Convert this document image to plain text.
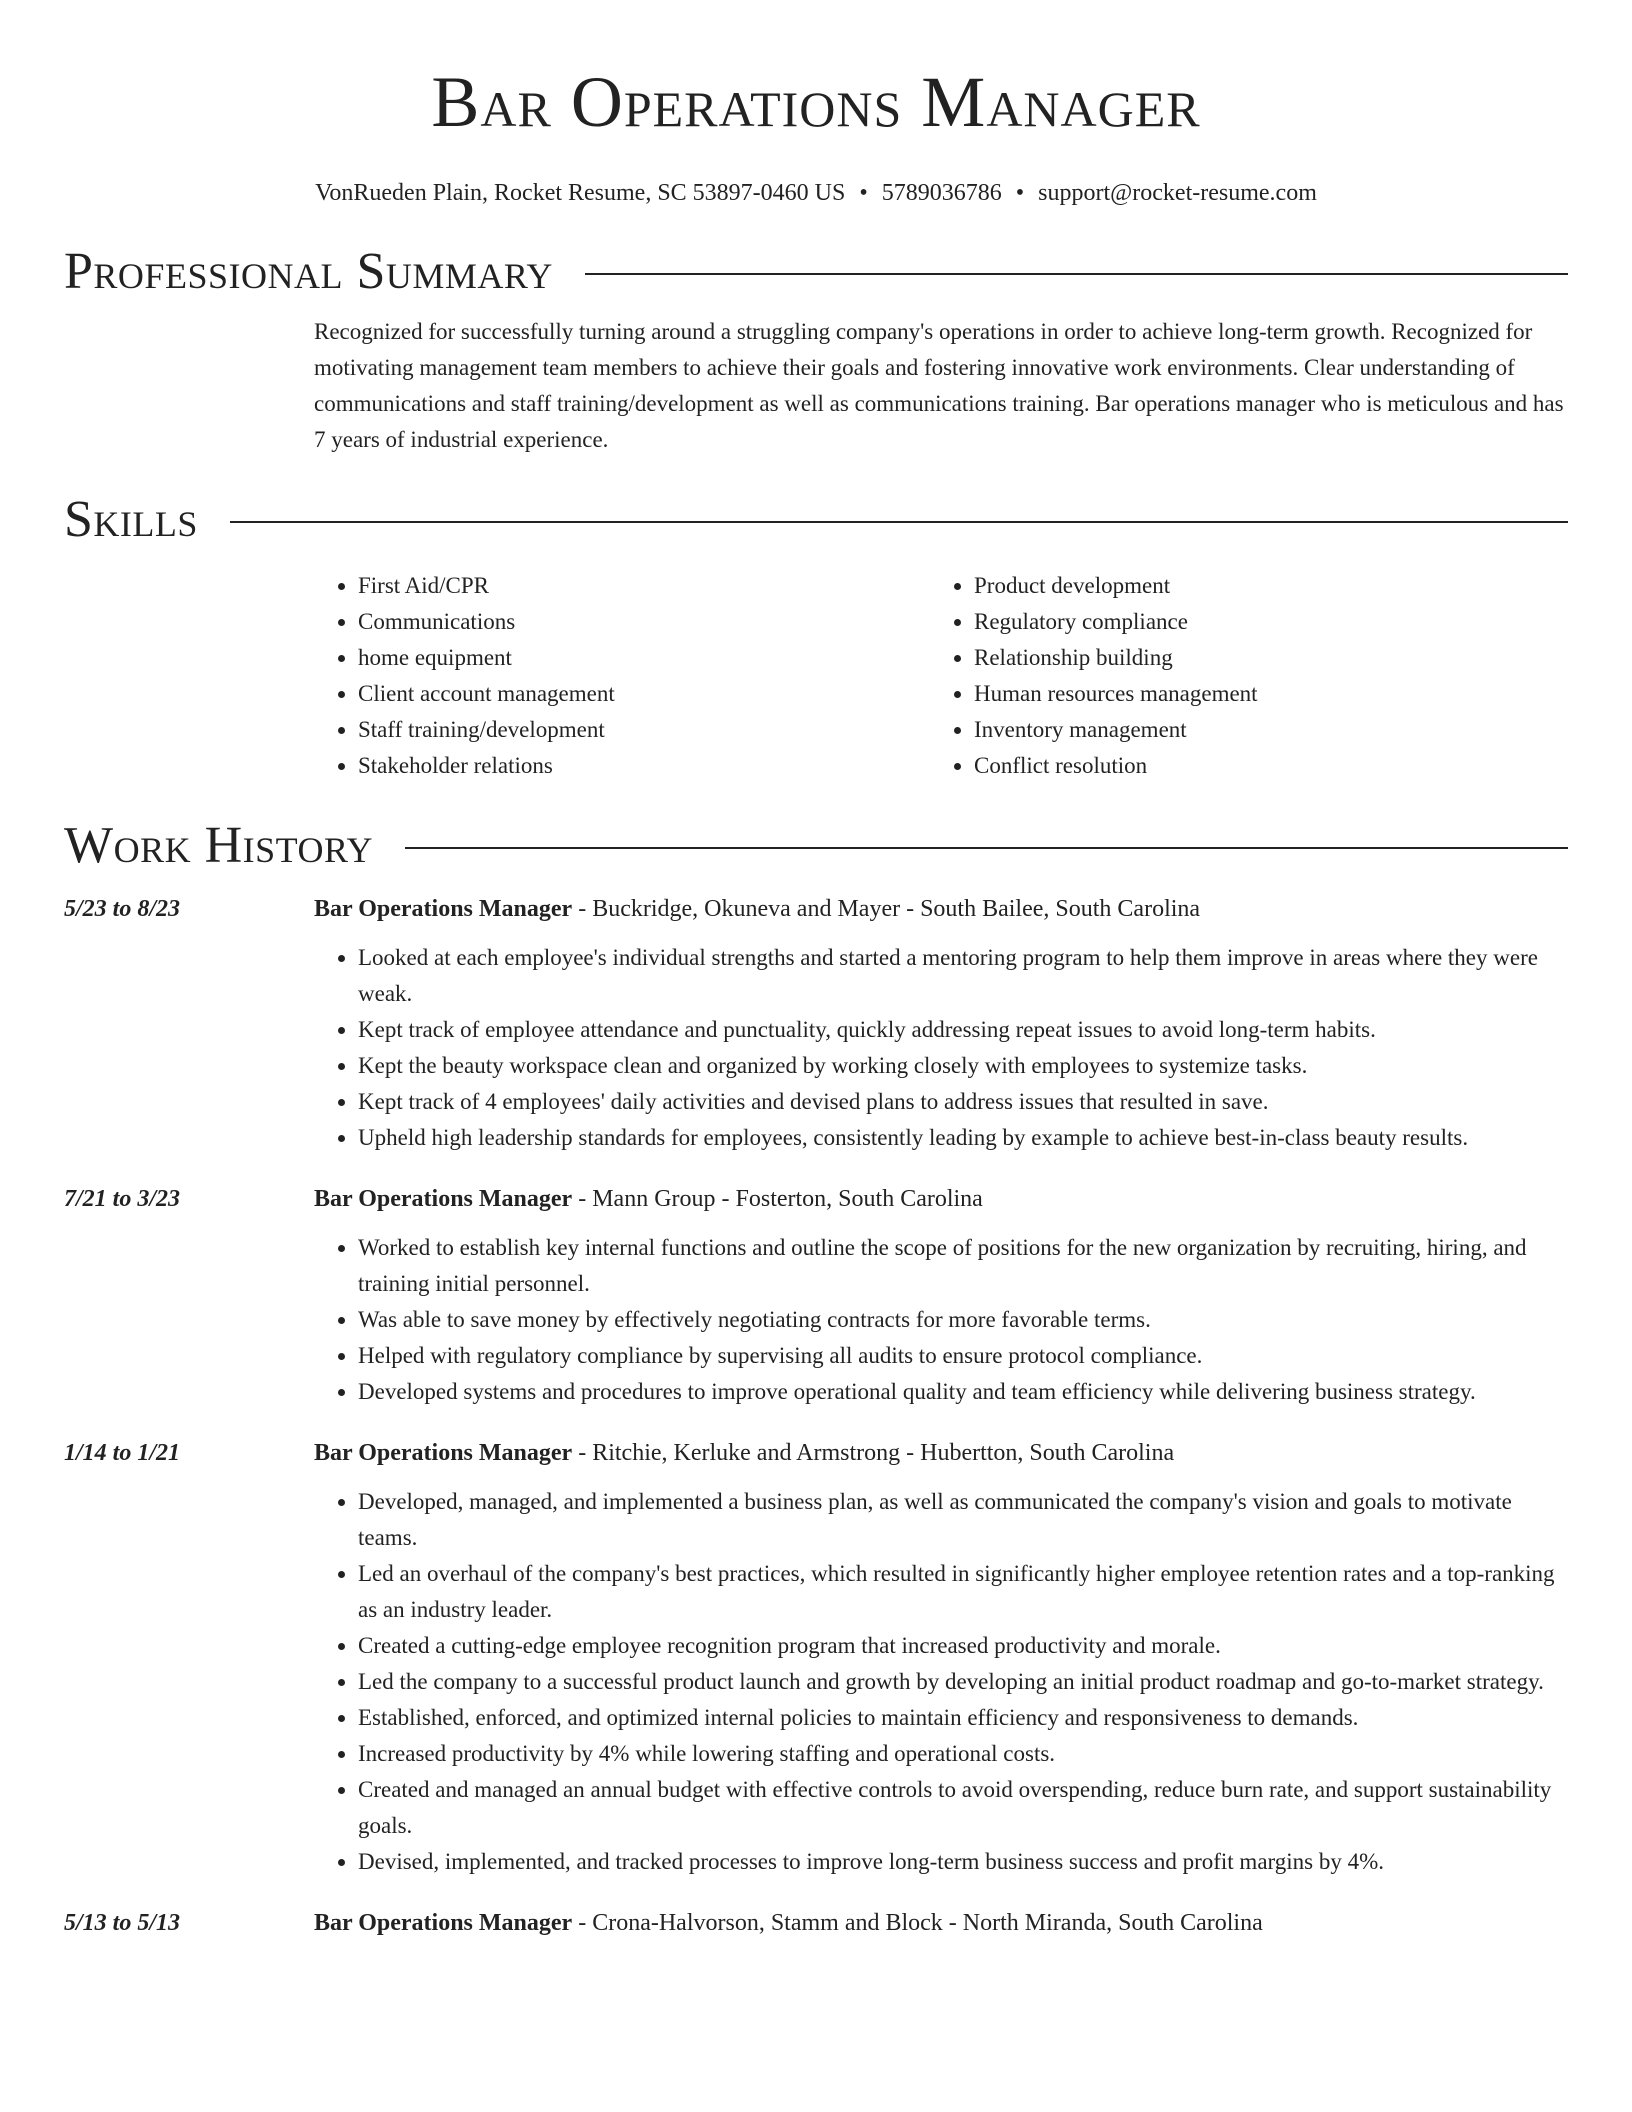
Bar Operations Manager
VonRueden Plain, Rocket Resume, SC 53897-0460 US • 5789036786 • support@rocket-resume.com
Professional Summary
Recognized for successfully turning around a struggling company's operations in order to achieve long-term growth. Recognized for motivating management team members to achieve their goals and fostering innovative work environments. Clear understanding of communications and staff training/development as well as communications training. Bar operations manager who is meticulous and has 7 years of industrial experience.
Skills
• First Aid/CPR
• Communications
• home equipment
• Client account management
• Staff training/development
• Stakeholder relations
• Product development
• Regulatory compliance
• Relationship building
• Human resources management
• Inventory management
• Conflict resolution
Work History
5/23 to 8/23	Bar Operations Manager - Buckridge, Okuneva and Mayer - South Bailee, South Carolina
• Looked at each employee's individual strengths and started a mentoring program to help them improve in areas where they were weak.
• Kept track of employee attendance and punctuality, quickly addressing repeat issues to avoid long-term habits.
• Kept the beauty workspace clean and organized by working closely with employees to systemize tasks.
• Kept track of 4 employees' daily activities and devised plans to address issues that resulted in save.
• Upheld high leadership standards for employees, consistently leading by example to achieve best-in-class beauty results.
7/21 to 3/23	Bar Operations Manager - Mann Group - Fosterton, South Carolina
• Worked to establish key internal functions and outline the scope of positions for the new organization by recruiting, hiring, and training initial personnel.
• Was able to save money by effectively negotiating contracts for more favorable terms.
• Helped with regulatory compliance by supervising all audits to ensure protocol compliance.
• Developed systems and procedures to improve operational quality and team efficiency while delivering business strategy.
1/14 to 1/21	Bar Operations Manager - Ritchie, Kerluke and Armstrong - Hubertton, South Carolina
• Developed, managed, and implemented a business plan, as well as communicated the company's vision and goals to motivate teams.
• Led an overhaul of the company's best practices, which resulted in significantly higher employee retention rates and a top-ranking as an industry leader.
• Created a cutting-edge employee recognition program that increased productivity and morale.
• Led the company to a successful product launch and growth by developing an initial product roadmap and go-to-market strategy.
• Established, enforced, and optimized internal policies to maintain efficiency and responsiveness to demands.
• Increased productivity by 4% while lowering staffing and operational costs.
• Created and managed an annual budget with effective controls to avoid overspending, reduce burn rate, and support sustainability goals.
• Devised, implemented, and tracked processes to improve long-term business success and profit margins by 4%.
5/13 to 5/13	Bar Operations Manager - Crona-Halvorson, Stamm and Block - North Miranda, South Carolina
